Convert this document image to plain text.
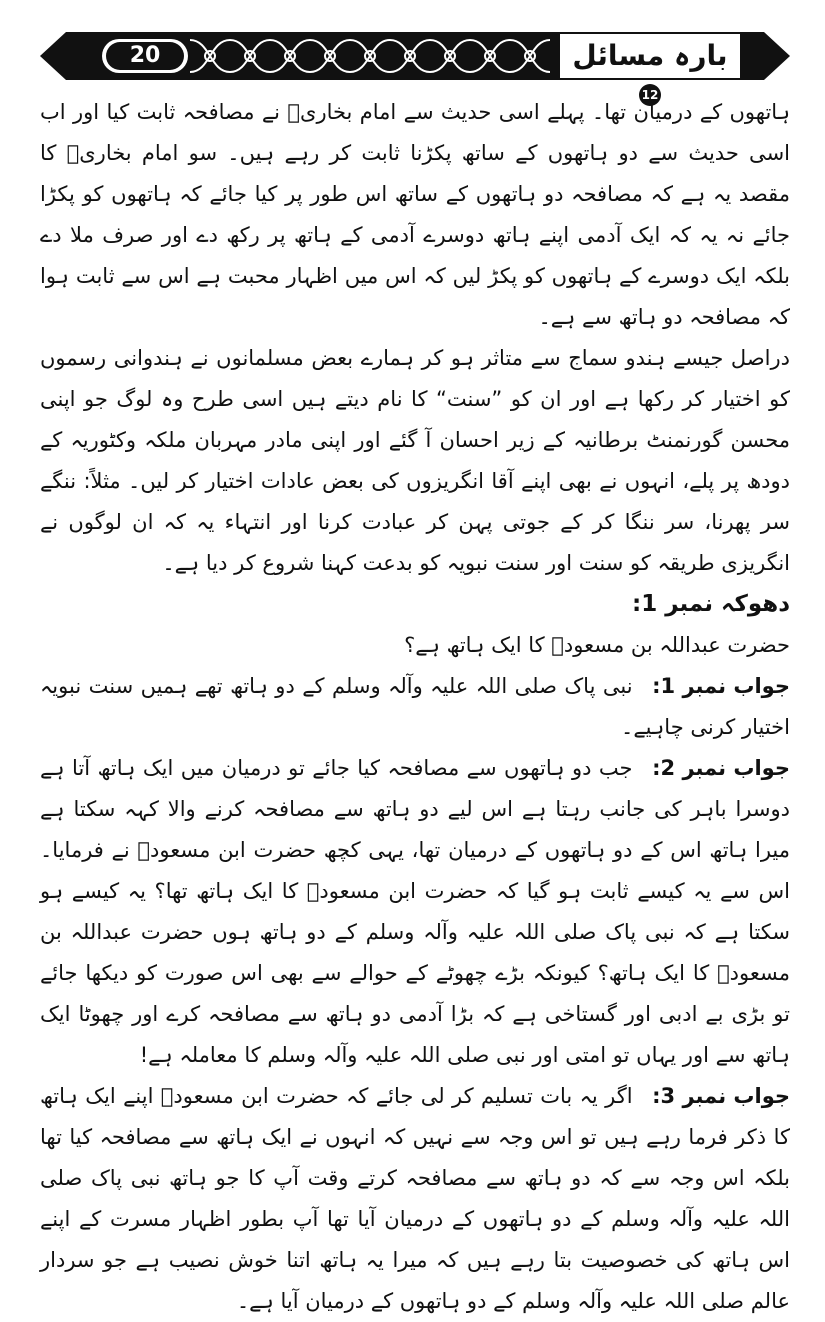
20	بارہ مسائل 12

ہاتھوں کے درمیان تھا۔ پہلے اسی حدیث سے امام بخاریؒ نے مصافحہ ثابت کیا اور اب اسی حدیث سے دو ہاتھوں کے ساتھ پکڑنا ثابت کر رہے ہیں۔ سو امام بخاریؒ کا مقصد یہ ہے کہ مصافحہ دو ہاتھوں کے ساتھ اس طور پر کیا جائے کہ ہاتھوں کو پکڑا جائے نہ یہ کہ ایک آدمی اپنے ہاتھ دوسرے آدمی کے ہاتھ پر رکھ دے اور صرف ملا دے بلکہ ایک دوسرے کے ہاتھوں کو پکڑ لیں کہ اس میں اظہار محبت ہے اس سے ثابت ہوا کہ مصافحہ دو ہاتھ سے ہے۔

دراصل جیسے ہندو سماج سے متاثر ہو کر ہمارے بعض مسلمانوں نے ہندوانی رسموں کو اختیار کر رکھا ہے اور ان کو ”سنت“ کا نام دیتے ہیں اسی طرح وہ لوگ جو اپنی محسن گورنمنٹ برطانیہ کے زیر احسان آ گئے اور اپنی مادر مہربان ملکہ وکٹوریہ کے دودھ پر پلے، انہوں نے بھی اپنے آقا انگریزوں کی بعض عادات اختیار کر لیں۔ مثلاً: ننگے سر پھرنا، سر ننگا کر کے جوتی پہن کر عبادت کرنا اور انتہاء یہ کہ ان لوگوں نے انگریزی طریقہ کو سنت اور سنت نبویہ کو بدعت کہنا شروع کر دیا ہے۔

دھوکہ نمبر 1:

حضرت عبداللہ بن مسعودؓ کا ایک ہاتھ ہے؟

جواب نمبر 1: نبی پاک صلی اللہ علیہ وآلہ وسلم کے دو ہاتھ تھے ہمیں سنت نبویہ اختیار کرنی چاہیے۔

جواب نمبر 2: جب دو ہاتھوں سے مصافحہ کیا جائے تو درمیان میں ایک ہاتھ آتا ہے دوسرا باہر کی جانب رہتا ہے اس لیے دو ہاتھ سے مصافحہ کرنے والا کہہ سکتا ہے میرا ہاتھ اس کے دو ہاتھوں کے درمیان تھا، یہی کچھ حضرت ابن مسعودؓ نے فرمایا۔ اس سے یہ کیسے ثابت ہو گیا کہ حضرت ابن مسعودؓ کا ایک ہاتھ تھا؟ یہ کیسے ہو سکتا ہے کہ نبی پاک صلی اللہ علیہ وآلہ وسلم کے دو ہاتھ ہوں حضرت عبداللہ بن مسعودؓ کا ایک ہاتھ؟ کیونکہ بڑے چھوٹے کے حوالے سے بھی اس صورت کو دیکھا جائے تو بڑی بے ادبی اور گستاخی ہے کہ بڑا آدمی دو ہاتھ سے مصافحہ کرے اور چھوٹا ایک ہاتھ سے اور یہاں تو امتی اور نبی صلی اللہ علیہ وآلہ وسلم کا معاملہ ہے!

جواب نمبر 3: اگر یہ بات تسلیم کر لی جائے کہ حضرت ابن مسعودؓ اپنے ایک ہاتھ کا ذکر فرما رہے ہیں تو اس وجہ سے نہیں کہ انہوں نے ایک ہاتھ سے مصافحہ کیا تھا بلکہ اس وجہ سے کہ دو ہاتھ سے مصافحہ کرتے وقت آپ کا جو ہاتھ نبی پاک صلی اللہ علیہ وآلہ وسلم کے دو ہاتھوں کے درمیان آیا تھا آپ بطور اظہار مسرت کے اپنے اس ہاتھ کی خصوصیت بتا رہے ہیں کہ میرا یہ ہاتھ اتنا خوش نصیب ہے جو سردار عالم صلی اللہ علیہ وآلہ وسلم کے دو ہاتھوں کے درمیان آیا ہے۔
